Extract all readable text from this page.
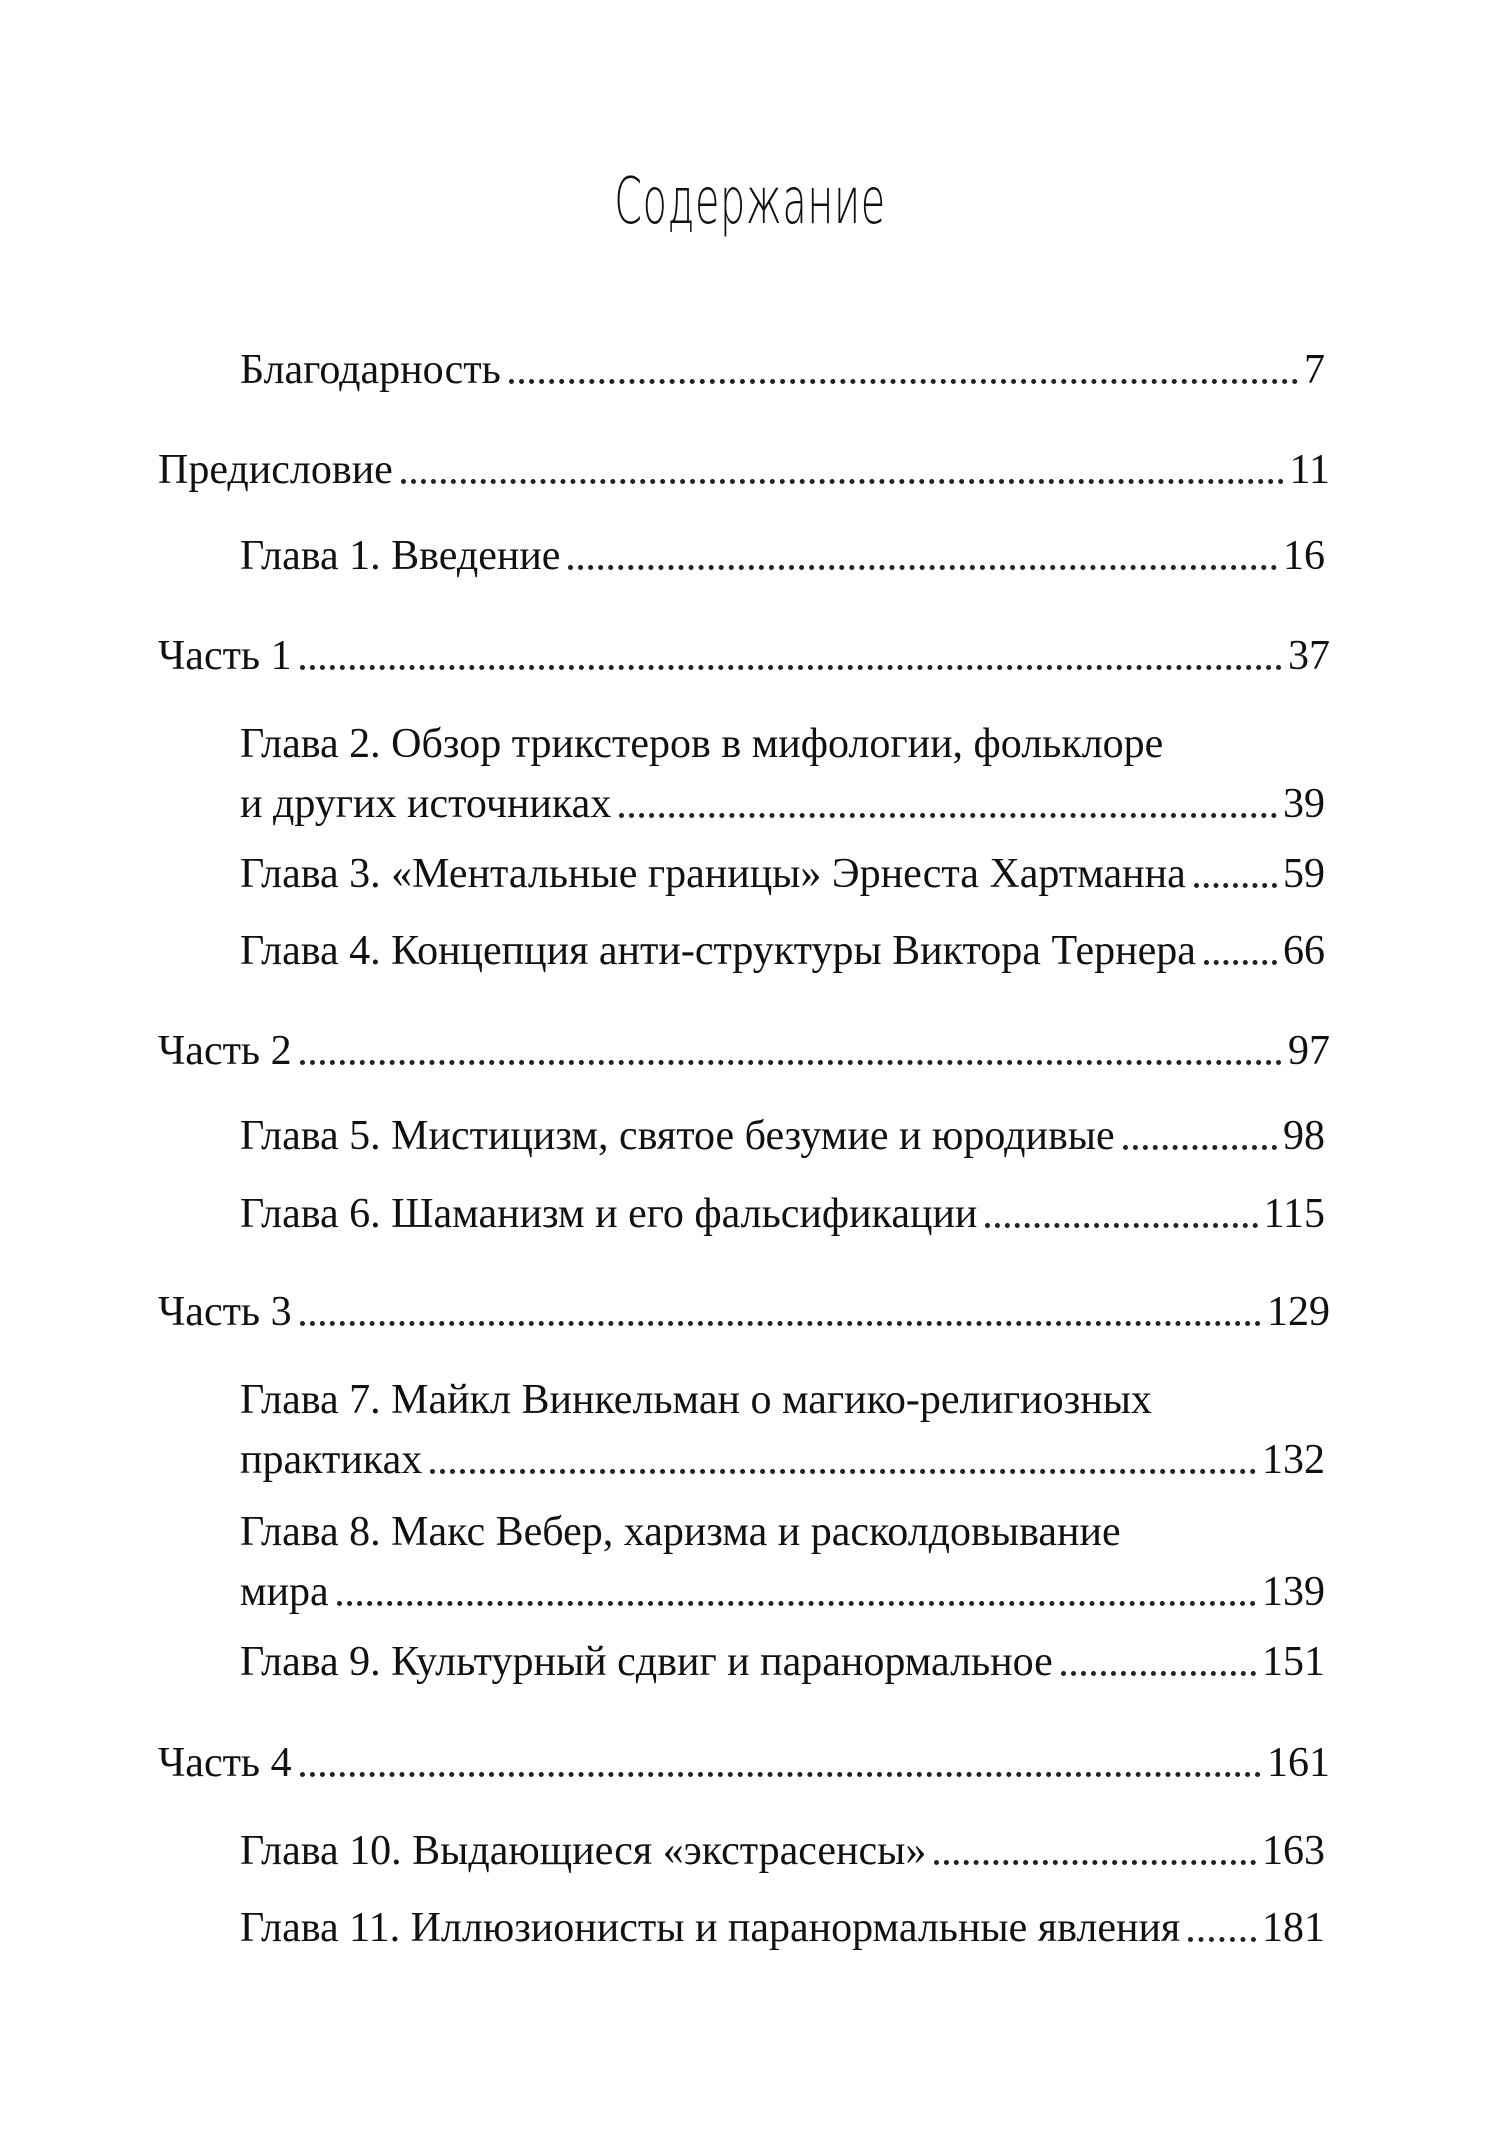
Содержание
Благодарность	7
Предисловие	11
Глава 1. Введение	16
Часть 1	37
Глава 2. Обзор трикстеров в мифологии, фольклоре
и других источниках	39
Глава 3. «Ментальные границы» Эрнеста Хартманна 59
Глава 4. Концепция анти-структуры Виктора Тернера 66
Часть 2	97
Глава 5. Мистицизм, святое безумие и юродивые	98
Глава 6. Шаманизм и его фальсификации	115
Часть 3	129
Глава 7. Майкл Винкельман о магико-религиозных
практиках	132
Глава 8. Макс Вебер, харизма и расколдовывание
мира	139
Глава 9. Культурный сдвиг и паранормальное	151
Часть 4	161
Глава 10. Выдающиеся «экстрасенсы»	163
Глава 11. Иллюзионисты и паранормальные явления 181
